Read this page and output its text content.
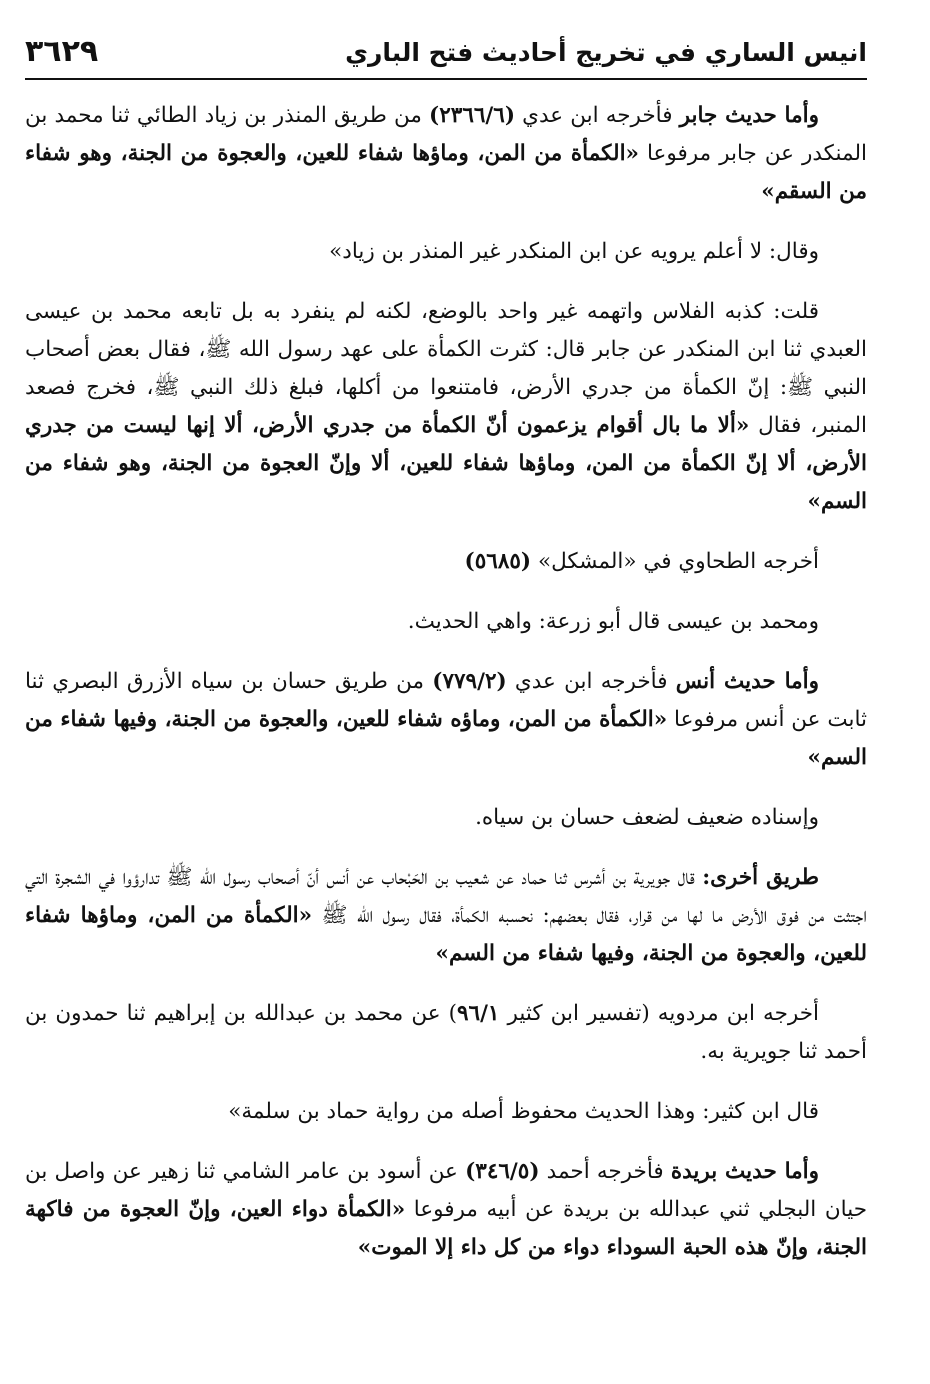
انيس الساري في تخريج أحاديث فتح الباري
٣٦٢٩

وأما حديث جابر فأخرجه ابن عدي (٢٣٦٦/٦) من طريق المنذر بن زياد الطائي ثنا محمد بن المنكدر عن جابر مرفوعا «الكمأة من المن، وماؤها شفاء للعين، والعجوة من الجنة، وهو شفاء من السقم»

وقال: لا أعلم يرويه عن ابن المنكدر غير المنذر بن زياد»

قلت: كذبه الفلاس واتهمه غير واحد بالوضع، لكنه لم ينفرد به بل تابعه محمد بن عيسى العبدي ثنا ابن المنكدر عن جابر قال: كثرت الكمأة على عهد رسول الله ﷺ، فقال بعض أصحاب النبي ﷺ: إنّ الكمأة من جدري الأرض، فامتنعوا من أكلها، فبلغ ذلك النبي ﷺ، فخرج فصعد المنبر، فقال «ألا ما بال أقوام يزعمون أنّ الكمأة من جدري الأرض، ألا إنها ليست من جدري الأرض، ألا إنّ الكمأة من المن، وماؤها شفاء للعين، ألا وإنّ العجوة من الجنة، وهو شفاء من السم»

أخرجه الطحاوي في «المشكل» (٥٦٨٥)

ومحمد بن عيسى قال أبو زرعة: واهي الحديث.

وأما حديث أنس فأخرجه ابن عدي (٧٧٩/٢) من طريق حسان بن سياه الأزرق البصري ثنا ثابت عن أنس مرفوعا «الكمأة من المن، وماؤه شفاء للعين، والعجوة من الجنة، وفيها شفاء من السم»

وإسناده ضعيف لضعف حسان بن سياه.

طريق أخرى: قال جويرية بن أشرس ثنا حماد عن شعيب بن الحَبْحاب عن أنس أنّ أصحاب رسول الله ﷺ تدارؤوا في الشجرة التي اجتثت من فوق الأرض ما لها من قرار، فقال بعضهم: نحسبه الكمأة، فقال رسول الله ﷺ «الكمأة من المن، وماؤها شفاء للعين، والعجوة من الجنة، وفيها شفاء من السم»

أخرجه ابن مردويه (تفسير ابن كثير ٩٦/١) عن محمد بن عبدالله بن إبراهيم ثنا حمدون بن أحمد ثنا جويرية به.

قال ابن كثير: وهذا الحديث محفوظ أصله من رواية حماد بن سلمة»

وأما حديث بريدة فأخرجه أحمد (٣٤٦/٥) عن أسود بن عامر الشامي ثنا زهير عن واصل بن حيان البجلي ثني عبدالله بن بريدة عن أبيه مرفوعا «الكمأة دواء العين، وإنّ العجوة من فاكهة الجنة، وإنّ هذه الحبة السوداء دواء من كل داء إلا الموت»
